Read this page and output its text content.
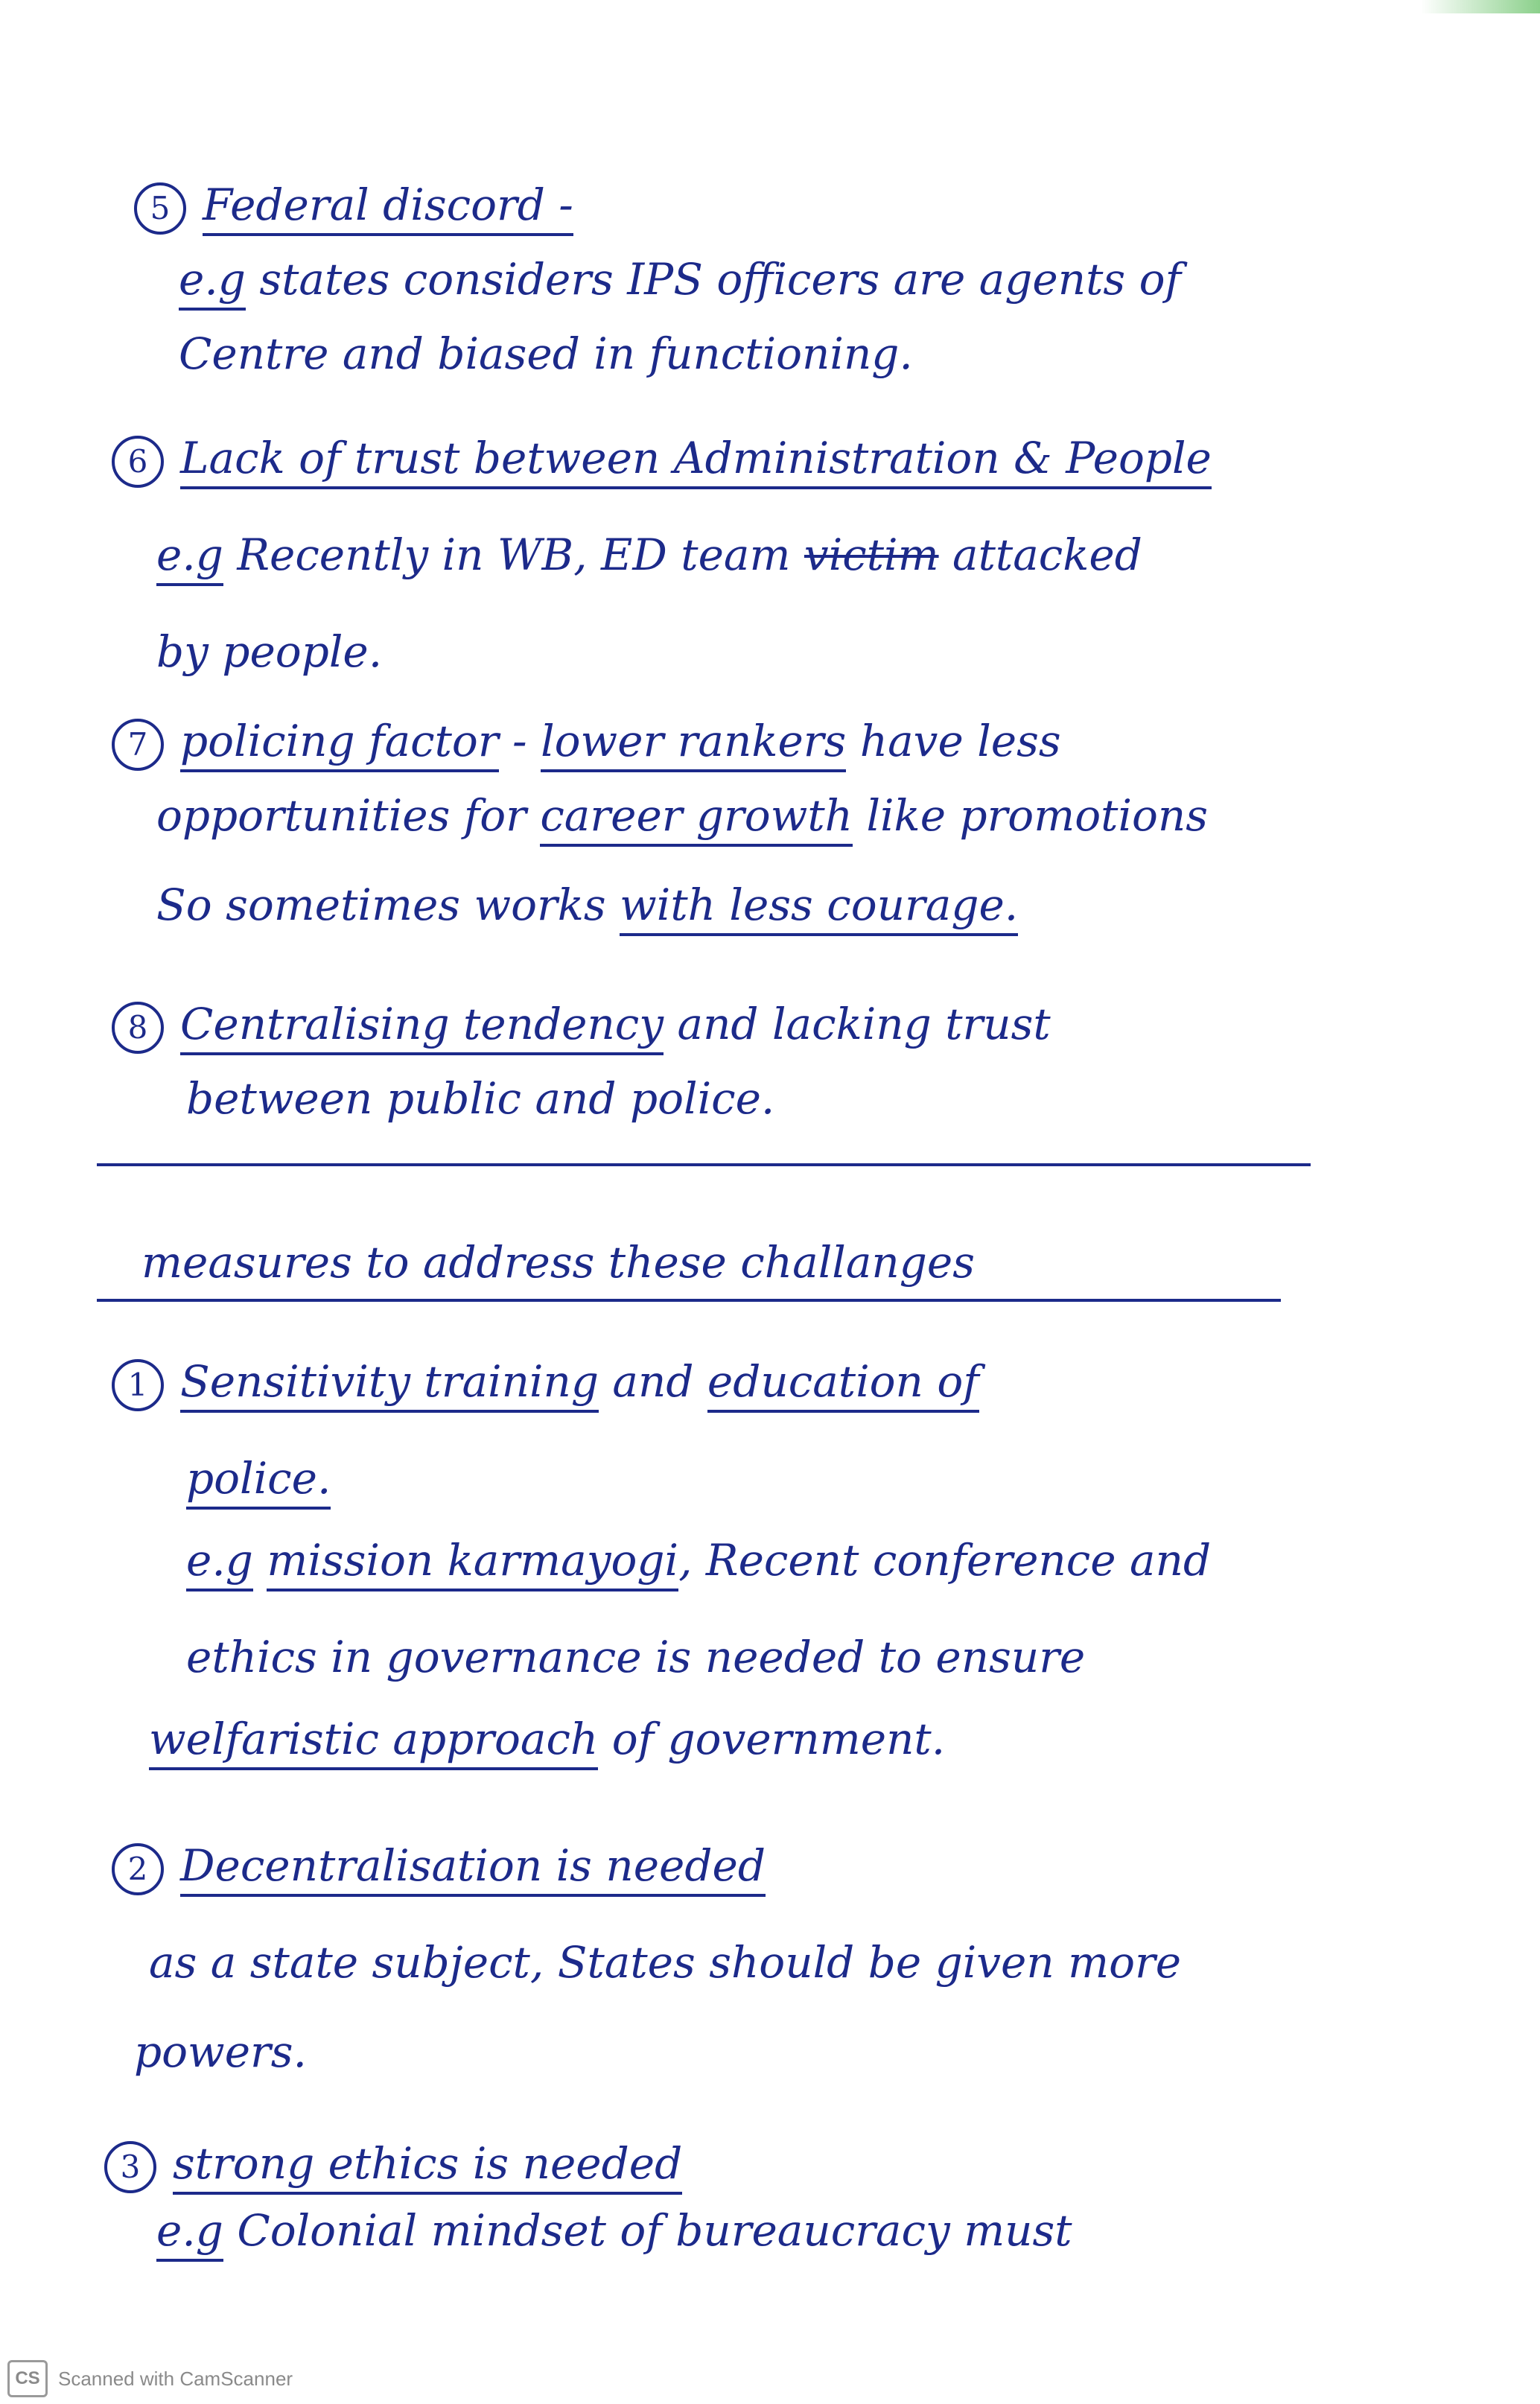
5 Federal discord -
e.g states considers IPS officers are agents of
Centre and biased in functioning.
6 Lack of trust between Administration & People
e.g Recently in WB, ED team victim attacked
by people.
7 policing factor - lower rankers have less
opportunities for career growth like promotions
So sometimes works with less courage.
8 Centralising tendency and lacking trust
between public and police.
measures to address these challanges
1 Sensitivity training and education of
police.
e.g mission karmayogi, Recent conference and
ethics in governance is needed to ensure
welfaristic approach of government.
2 Decentralisation is needed
as a state subject, States should be given more
powers.
3 strong ethics is needed
e.g Colonial mindset of bureaucracy must
CS Scanned with CamScanner
